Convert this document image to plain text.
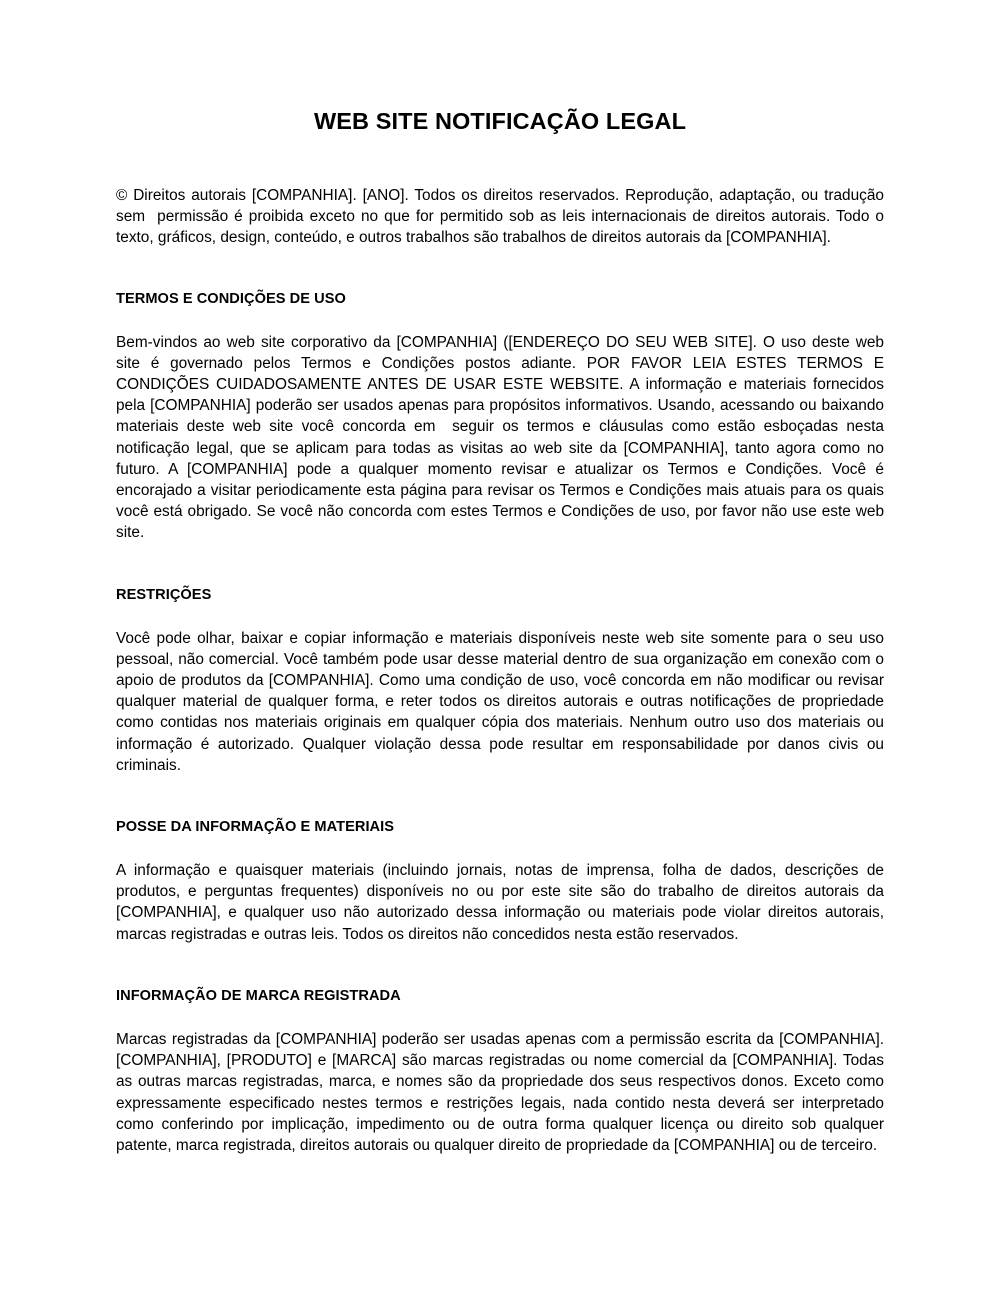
WEB SITE NOTIFICAÇÃO LEGAL

© Direitos autorais [COMPANHIA]. [ANO]. Todos os direitos reservados. Reprodução, adaptação, ou tradução sem  permissão é proibida exceto no que for permitido sob as leis internacionais de direitos autorais. Todo o texto, gráficos, design, conteúdo, e outros trabalhos são trabalhos de direitos autorais da [COMPANHIA].

TERMOS E CONDIÇÕES DE USO

Bem-vindos ao web site corporativo da [COMPANHIA] ([ENDEREÇO DO SEU WEB SITE]. O uso deste web site é governado pelos Termos e Condições postos adiante. POR FAVOR LEIA ESTES TERMOS E CONDIÇÕES CUIDADOSAMENTE ANTES DE USAR ESTE WEBSITE. A informação e materiais fornecidos pela [COMPANHIA] poderão ser usados apenas para propósitos informativos. Usando, acessando ou baixando materiais deste web site você concorda em  seguir os termos e cláusulas como estão esboçadas nesta notificação legal, que se aplicam para todas as visitas ao web site da [COMPANHIA], tanto agora como no futuro. A [COMPANHIA] pode a qualquer momento revisar e atualizar os Termos e Condições. Você é encorajado a visitar periodicamente esta página para revisar os Termos e Condições mais atuais para os quais você está obrigado. Se você não concorda com estes Termos e Condições de uso, por favor não use este web site.

RESTRIÇÕES

Você pode olhar, baixar e copiar informação e materiais disponíveis neste web site somente para o seu uso pessoal, não comercial. Você também pode usar desse material dentro de sua organização em conexão com o apoio de produtos da [COMPANHIA]. Como uma condição de uso, você concorda em não modificar ou revisar qualquer material de qualquer forma, e reter todos os direitos autorais e outras notificações de propriedade como contidas nos materiais originais em qualquer cópia dos materiais. Nenhum outro uso dos materiais ou informação é autorizado. Qualquer violação dessa pode resultar em responsabilidade por danos civis ou criminais.

POSSE DA INFORMAÇÃO E MATERIAIS

A informação e quaisquer materiais (incluindo jornais, notas de imprensa, folha de dados, descrições de produtos, e perguntas frequentes) disponíveis no ou por este site são do trabalho de direitos autorais da [COMPANHIA], e qualquer uso não autorizado dessa informação ou materiais pode violar direitos autorais, marcas registradas e outras leis. Todos os direitos não concedidos nesta estão reservados.

INFORMAÇÃO DE MARCA REGISTRADA

Marcas registradas da [COMPANHIA] poderão ser usadas apenas com a permissão escrita da [COMPANHIA]. [COMPANHIA], [PRODUTO] e [MARCA] são marcas registradas ou nome comercial da [COMPANHIA]. Todas as outras marcas registradas, marca, e nomes são da propriedade dos seus respectivos donos. Exceto como expressamente especificado nestes termos e restrições legais, nada contido nesta deverá ser interpretado como conferindo por implicação, impedimento ou de outra forma qualquer licença ou direito sob qualquer patente, marca registrada, direitos autorais ou qualquer direito de propriedade da [COMPANHIA] ou de terceiro.
